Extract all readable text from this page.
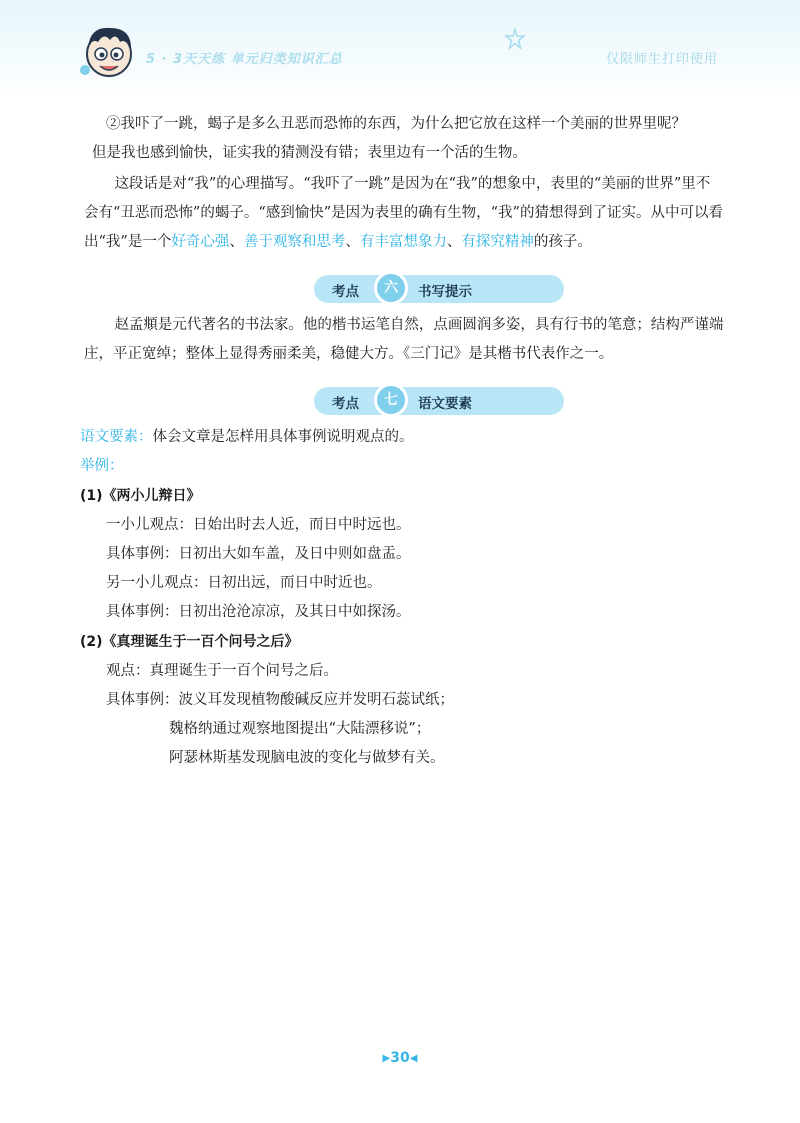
5 · 3天天练 单元归类知识汇总	仅限师生打印使用

②我吓了一跳，蝎子是多么丑恶而恐怖的东西，为什么把它放在这样一个美丽的世界里呢？

但是我也感到愉快，证实我的猜测没有错；表里边有一个活的生物。

这段话是对“我”的心理描写。“我吓了一跳”是因为在“我”的想象中，表里的“美丽的世界”里不会有“丑恶而恐怖”的蝎子。“感到愉快”是因为表里的确有生物，“我”的猜想得到了证实。从中可以看出“我”是一个好奇心强、善于观察和思考、有丰富想象力、有探究精神的孩子。

考点	六	书写提示

赵孟頫是元代著名的书法家。他的楷书运笔自然，点画圆润多姿，具有行书的笔意；结构严谨端庄，平正宽绰；整体上显得秀丽柔美，稳健大方。《三门记》是其楷书代表作之一。

考点	七	语文要素

语文要素：体会文章是怎样用具体事例说明观点的。

举例：

(1)《两小儿辩日》

一小儿观点：日始出时去人近，而日中时远也。

具体事例：日初出大如车盖，及日中则如盘盂。

另一小儿观点：日初出远，而日中时近也。

具体事例：日初出沧沧凉凉，及其日中如探汤。

(2)《真理诞生于一百个问号之后》

观点：真理诞生于一百个问号之后。

具体事例：波义耳发现植物酸碱反应并发明石蕊试纸；

魏格纳通过观察地图提出“大陆漂移说”；

阿瑟林斯基发现脑电波的变化与做梦有关。

▶30◀
